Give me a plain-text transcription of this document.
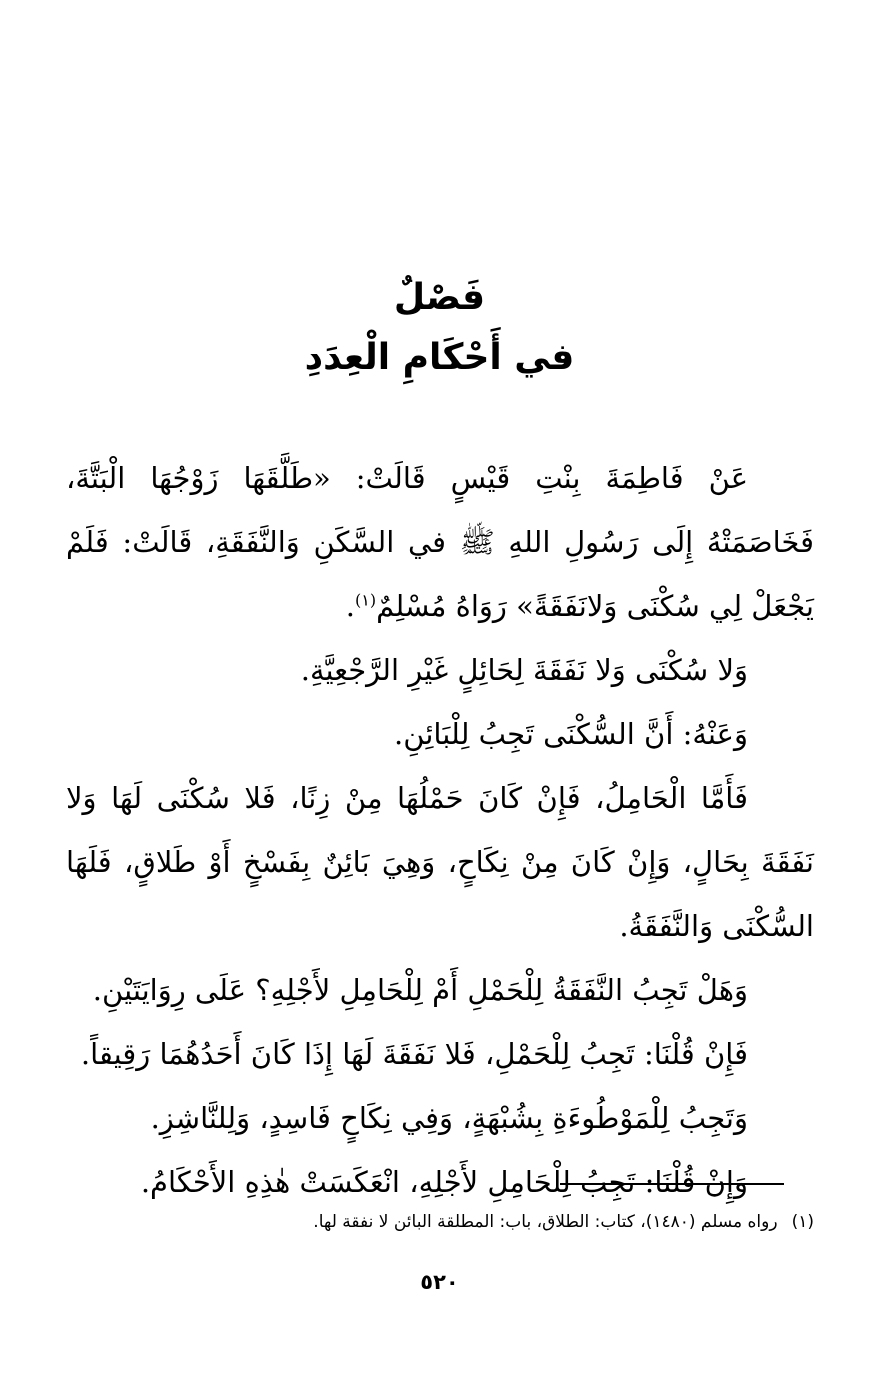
فَصْلٌ
في أَحْكَامِ الْعِدَدِ

عَنْ فَاطِمَةَ بِنْتِ قَيْسٍ قَالَتْ: «طَلَّقَهَا زَوْجُهَا الْبَتَّةَ، فَخَاصَمَتْهُ إِلَى رَسُولِ اللهِ ﷺ في السَّكَنِ وَالنَّفَقَةِ، قَالَتْ: فَلَمْ يَجْعَلْ لِي سُكْنَى وَلانَفَقَةً» رَوَاهُ مُسْلِمٌ$^{(١)}$.

وَلا سُكْنَى وَلا نَفَقَةَ لِحَائِلٍ غَيْرِ الرَّجْعِيَّةِ.

وَعَنْهُ: أَنَّ السُّكْنَى تَجِبُ لِلْبَائِنِ.

فَأَمَّا الْحَامِلُ، فَإِنْ كَانَ حَمْلُهَا مِنْ زِنًا، فَلا سُكْنَى لَهَا وَلا نَفَقَةَ بِحَالٍ، وَإِنْ كَانَ مِنْ نِكَاحٍ، وَهِيَ بَائِنٌ بِفَسْخٍ أَوْ طَلاقٍ، فَلَهَا السُّكْنَى وَالنَّفَقَةُ.

وَهَلْ تَجِبُ النَّفَقَةُ لِلْحَمْلِ أَمْ لِلْحَامِلِ لأَجْلِهِ؟ عَلَى رِوَايَتَيْنِ.

فَإِنْ قُلْنَا: تَجِبُ لِلْحَمْلِ، فَلا نَفَقَةَ لَهَا إِذَا كَانَ أَحَدُهُمَا رَقِيقاً.

وَتَجِبُ لِلْمَوْطُوءَةِ بِشُبْهَةٍ، وَفِي نِكَاحٍ فَاسِدٍ، وَلِلنَّاشِزِ.

وَإِنْ قُلْنَا: تَجِبُ لِلْحَامِلِ لأَجْلِهِ، انْعَكَسَتْ هٰذِهِ الأَحْكَامُ.

(١)رواه مسلم (١٤٨٠)، كتاب: الطلاق، باب: المطلقة البائن لا نفقة لها.
٥٢٠
